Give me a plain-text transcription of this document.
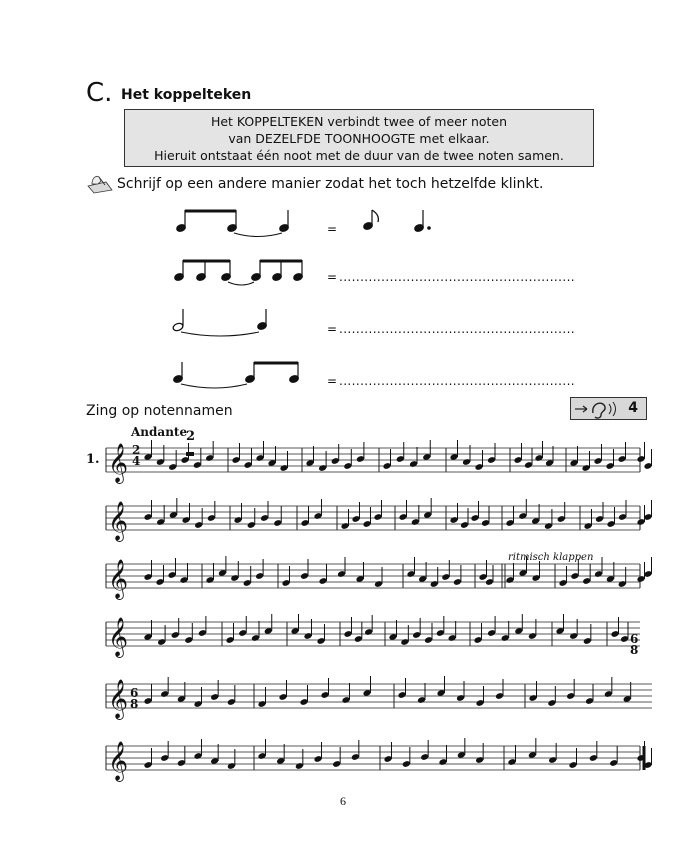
C. Het koppelteken
Het KOPPELTEKEN verbindt twee of meer noten
van DEZELFDE TOONHOOGTE met elkaar.
Hieruit ontstaat één noot met de duur van de twee noten samen.
Schrijf op een andere manier zodat het toch hetzelfde klinkt.
=
= ........................................................
= ........................................................
= ........................................................
Zing op notennamen	4
Andante
1.
2
2
4
ritmisch klappen
6
8
6
8
𝄞
𝄞
𝄞
𝄞
𝄞
𝄞
6
